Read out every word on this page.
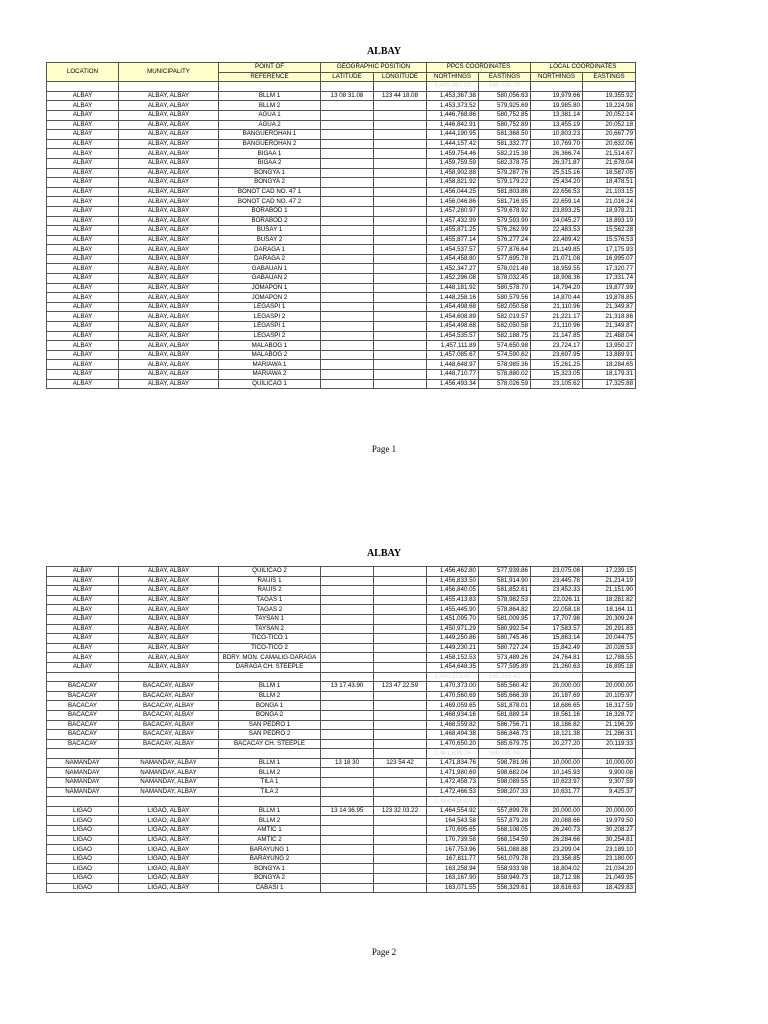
ALBAY
LOCATION	MUNICIPALITY	POINT OF	GEOGRAPHIC POSITION		PPCS COORDINATES		LOCAL COORDINATES	
		REFERENCE	LATITUDE	LONGITUDE	NORTHINGS	EASTINGS	NORTHINGS	EASTINGS
					1,455,967.22	580,705.72		
ALBAY	ALBAY, ALBAY	BLLM 1	13 08 31.08	123 44 18.08	1,453,367.38	580,056.63	19,979.66	19,355.92
ALBAY	ALBAY, ALBAY	BLLM 2			1,453,373.52	579,925.69	19,985.80	19,224.98
ALBAY	ALBAY, ALBAY	AGUA 1			1,446,768.86	580,752.85	13,381.14	20,052.14
ALBAY	ALBAY, ALBAY	AGUA 2			1,446,842.91	580,752.89	13,455.19	20,052.18
ALBAY	ALBAY, ALBAY	BANGUEROHAN 1			1,444,190.95	581,368.50	10,803.23	20,667.79
ALBAY	ALBAY, ALBAY	BANGUEROHAN 2			1,444,157.42	581,332.77	10,769.70	20,632.06
ALBAY	ALBAY, ALBAY	BIGAA 1			1,459,754.46	582,215.38	26,366.74	21,514.67
ALBAY	ALBAY, ALBAY	BIGAA 2			1,459,759.59	582,378.75	26,371.87	21,678.04
ALBAY	ALBAY, ALBAY	BONGYA 1			1,458,902.88	579,287.76	25,515.16	18,587.05
ALBAY	ALBAY, ALBAY	BONGYA 2			1,458,821.92	579,179.22	25,434.20	18,478.51
ALBAY	ALBAY, ALBAY	BONOT CAD NO. 47 1			1,456,044.25	581,803.86	22,656.53	21,103.15
ALBAY	ALBAY, ALBAY	BONOT CAD NO. 47 2			1,456,046.86	581,716.95	22,659.14	21,016.24
ALBAY	ALBAY, ALBAY	BORABOD 1			1,457,280.97	579,678.92	23,893.25	18,978.21
ALBAY	ALBAY, ALBAY	BORABOD 2			1,457,432.99	579,593.90	24,045.27	18,893.19
ALBAY	ALBAY, ALBAY	BUSAY 1			1,455,871.25	576,262.99	22,483.53	15,562.28
ALBAY	ALBAY, ALBAY	BUSAY 2			1,455,877.14	576,277.24	22,489.42	15,576.53
ALBAY	ALBAY, ALBAY	DARAGA 1			1,454,537.57	577,876.64	21,149.85	17,175.93
ALBAY	ALBAY, ALBAY	DARAGA 2			1,454,458.80	577,695.78	21,071.08	16,995.07
ALBAY	ALBAY, ALBAY	GABAUAN 1			1,452,347.27	578,021.48	18,959.55	17,320.77
ALBAY	ALBAY, ALBAY	GABAUAN 2			1,452,296.08	578,032.45	18,908.36	17,331.74
ALBAY	ALBAY, ALBAY	JOMAPON 1			1,448,181.92	580,578.70	14,794.20	19,877.99
ALBAY	ALBAY, ALBAY	JOMAPON 2			1,448,258.16	580,579.56	14,870.44	19,878.85
ALBAY	ALBAY, ALBAY	LEGASPI 1			1,454,498.68	582,050.58	21,110.96	21,349.87
ALBAY	ALBAY, ALBAY	LEGASPI 2			1,454,608.89	582,019.57	21,221.17	21,318.86
ALBAY	ALBAY, ALBAY	LEGASPI 1			1,454,498.68	582,050.58	21,110.96	21,349.87
ALBAY	ALBAY, ALBAY	LEGASPI 2			1,454,535.57	582,188.75	21,147.85	21,488.04
ALBAY	ALBAY, ALBAY	MALABOG 1			1,457,111.89	574,650.98	23,724.17	13,950.27
ALBAY	ALBAY, ALBAY	MALABOG 2			1,457,085.67	574,590.62	23,697.95	13,889.91
ALBAY	ALBAY, ALBAY	MARIAWA 1			1,448,648.97	578,985.36	15,261.25	18,284.65
ALBAY	ALBAY, ALBAY	MARIAWA 2			1,448,710.77	578,880.02	15,323.05	18,179.31
ALBAY	ALBAY, ALBAY	QUILICAO 1			1,456,493.34	578,026.59	23,105.62	17,325.88
Page 1
ALBAY
ALBAY	ALBAY, ALBAY	QUILICAO 2			1,456,462.80	577,939.86	23,075.08	17,239.15
ALBAY	ALBAY, ALBAY	RAUIS 1			1,456,833.50	581,914.90	23,445.78	21,214.19
ALBAY	ALBAY, ALBAY	RAUIS 2			1,456,840.05	581,852.61	23,452.33	21,151.90
ALBAY	ALBAY, ALBAY	TAGAS 1			1,455,413.83	578,982.53	22,026.11	18,281.82
ALBAY	ALBAY, ALBAY	TAGAS 2			1,455,445.90	578,864.82	22,058.18	18,164.11
ALBAY	ALBAY, ALBAY	TAYSAN 1			1,451,095.70	581,009.95	17,707.98	20,309.24
ALBAY	ALBAY, ALBAY	TAYSAN 2			1,450,971.29	580,992.54	17,583.57	20,291.83
ALBAY	ALBAY, ALBAY	TICO-TICO 1			1,449,250.86	580,745.46	15,863.14	20,044.75
ALBAY	ALBAY, ALBAY	TICO-TICO 2			1,449,230.21	580,727.24	15,842.49	20,026.53
ALBAY	ALBAY, ALBAY	BDRY. MON. CAMALIG-DARAGA			1,458,152.53	573,489.26	24,764.81	12,788.55
ALBAY	ALBAY, ALBAY	DARAGA CH. STEEPLE			1,454,648.35	577,595.89	21,260.63	16,895.18
					1,450,373.00	585,560.42		
BACACAY	BACACAY, ALBAY	BLLM 1	13 17 43.90	123 47 22.59	1,470,373.00	585,560.42	20,000.00	20,000.00
BACACAY	BACACAY, ALBAY	BLLM 2			1,470,560.69	585,666.39	20,187.69	20,105.97
BACACAY	BACACAY, ALBAY	BONGA 1			1,469,059.65	581,878.01	18,686.65	16,317.59
BACACAY	BACACAY, ALBAY	BONGA 2			1,468,934.16	581,889.14	18,561.16	16,328.72
BACACAY	BACACAY, ALBAY	SAN PEDRO 1			1,468,559.82	586,756.71	18,186.82	21,196.29
BACACAY	BACACAY, ALBAY	SAN PEDRO 2			1,468,494.38	586,846.73	18,121.38	21,286.31
BACACAY	BACACAY, ALBAY	BACACAY CH. STEEPLE			1,470,650.20	585,679.75	20,277.20	20,119.33
					1,461,834.76	588,781.96		
NAMANDAY	NAMANDAY, ALBAY	BLLM 1	13 18 30	123 54 42	1,471,834.76	598,781.96	10,000.00	10,000.00
NAMANDAY	NAMANDAY, ALBAY	BLLM 2			1,471,980.69	598,682.04	10,145.93	9,900.08
NAMANDAY	NAMANDAY, ALBAY	TILA 1			1,472,458.73	598,089.55	10,623.97	9,307.59
NAMANDAY	NAMANDAY, ALBAY	TILA 2			1,472,466.53	598,207.33	10,631.77	9,425.37
					1,444,554.92	537,899.78		
LIGAO	LIGAO, ALBAY	BLLM 1	13 14 36.95	123 32 03.22	1,464,554.92	557,899.78	20,000.00	20,000.00
LIGAO	LIGAO, ALBAY	BLLM 2			164,543.58	557,879.28	20,088.66	19,979.50
LIGAO	LIGAO, ALBAY	AMTIC 1			170,695.65	568,108.05	26,240.73	30,208.27
LIGAO	LIGAO, ALBAY	AMTIC 2			170,739.58	568,154.59	26,284.66	30,254.81
LIGAO	LIGAO, ALBAY	BARAYUNG 1			167,753.96	561,088.88	23,299.04	23,189.10
LIGAO	LIGAO, ALBAY	BARAYUNG 2			167,811.77	561,079.78	23,356.85	23,180.00
LIGAO	LIGAO, ALBAY	BONGYA 1			163,258.94	558,933.98	18,804.02	21,034.20
LIGAO	LIGAO, ALBAY	BONGYA 2			163,167.90	558,949.73	18,712.98	21,049.95
LIGAO	LIGAO, ALBAY	CABASI 1			163,071.55	556,329.61	18,616.63	18,429.83
Page 2
